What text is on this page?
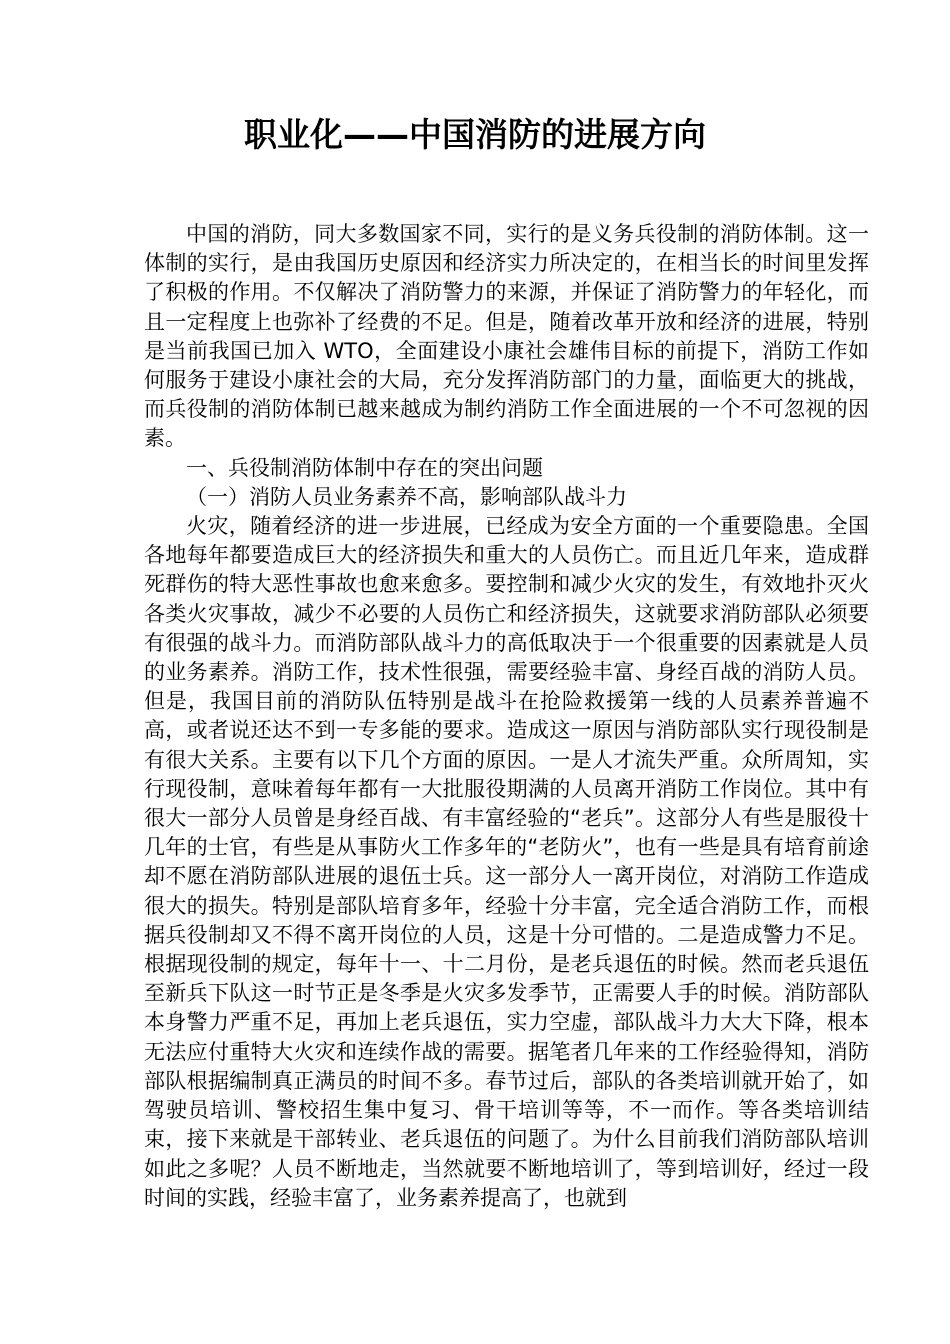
职业化——中国消防的进展方向

中国的消防，同大多数国家不同，实行的是义务兵役制的消防体制。这一体制的实行，是由我国历史原因和经济实力所决定的，在相当长的时间里发挥了积极的作用。不仅解决了消防警力的来源，并保证了消防警力的年轻化，而且一定程度上也弥补了经费的不足。但是，随着改革开放和经济的进展，特别是当前我国已加入 WTO，全面建设小康社会雄伟目标的前提下，消防工作如何服务于建设小康社会的大局，充分发挥消防部门的力量，面临更大的挑战，而兵役制的消防体制已越来越成为制约消防工作全面进展的一个不可忽视的因素。

一、兵役制消防体制中存在的突出问题

（一）消防人员业务素养不高，影响部队战斗力

火灾，随着经济的进一步进展，已经成为安全方面的一个重要隐患。全国各地每年都要造成巨大的经济损失和重大的人员伤亡。而且近几年来，造成群死群伤的特大恶性事故也愈来愈多。要控制和减少火灾的发生，有效地扑灭火各类火灾事故，减少不必要的人员伤亡和经济损失，这就要求消防部队必须要有很强的战斗力。而消防部队战斗力的高低取决于一个很重要的因素就是人员的业务素养。消防工作，技术性很强，需要经验丰富、身经百战的消防人员。但是，我国目前的消防队伍特别是战斗在抢险救援第一线的人员素养普遍不高，或者说还达不到一专多能的要求。造成这一原因与消防部队实行现役制是有很大关系。主要有以下几个方面的原因。一是人才流失严重。众所周知，实行现役制，意味着每年都有一大批服役期满的人员离开消防工作岗位。其中有很大一部分人员曾是身经百战、有丰富经验的“老兵”。这部分人有些是服役十几年的士官，有些是从事防火工作多年的“老防火”，也有一些是具有培育前途却不愿在消防部队进展的退伍士兵。这一部分人一离开岗位，对消防工作造成很大的损失。特别是部队培育多年，经验十分丰富，完全适合消防工作，而根据兵役制却又不得不离开岗位的人员，这是十分可惜的。二是造成警力不足。根据现役制的规定，每年十一、十二月份，是老兵退伍的时候。然而老兵退伍至新兵下队这一时节正是冬季是火灾多发季节，正需要人手的时候。消防部队本身警力严重不足，再加上老兵退伍，实力空虚，部队战斗力大大下降，根本无法应付重特大火灾和连续作战的需要。据笔者几年来的工作经验得知，消防部队根据编制真正满员的时间不多。春节过后，部队的各类培训就开始了，如驾驶员培训、警校招生集中复习、骨干培训等等，不一而作。等各类培训结束，接下来就是干部转业、老兵退伍的问题了。为什么目前我们消防部队培训如此之多呢？人员不断地走，当然就要不断地培训了，等到培训好，经过一段时间的实践，经验丰富了，业务素养提高了，也就到
